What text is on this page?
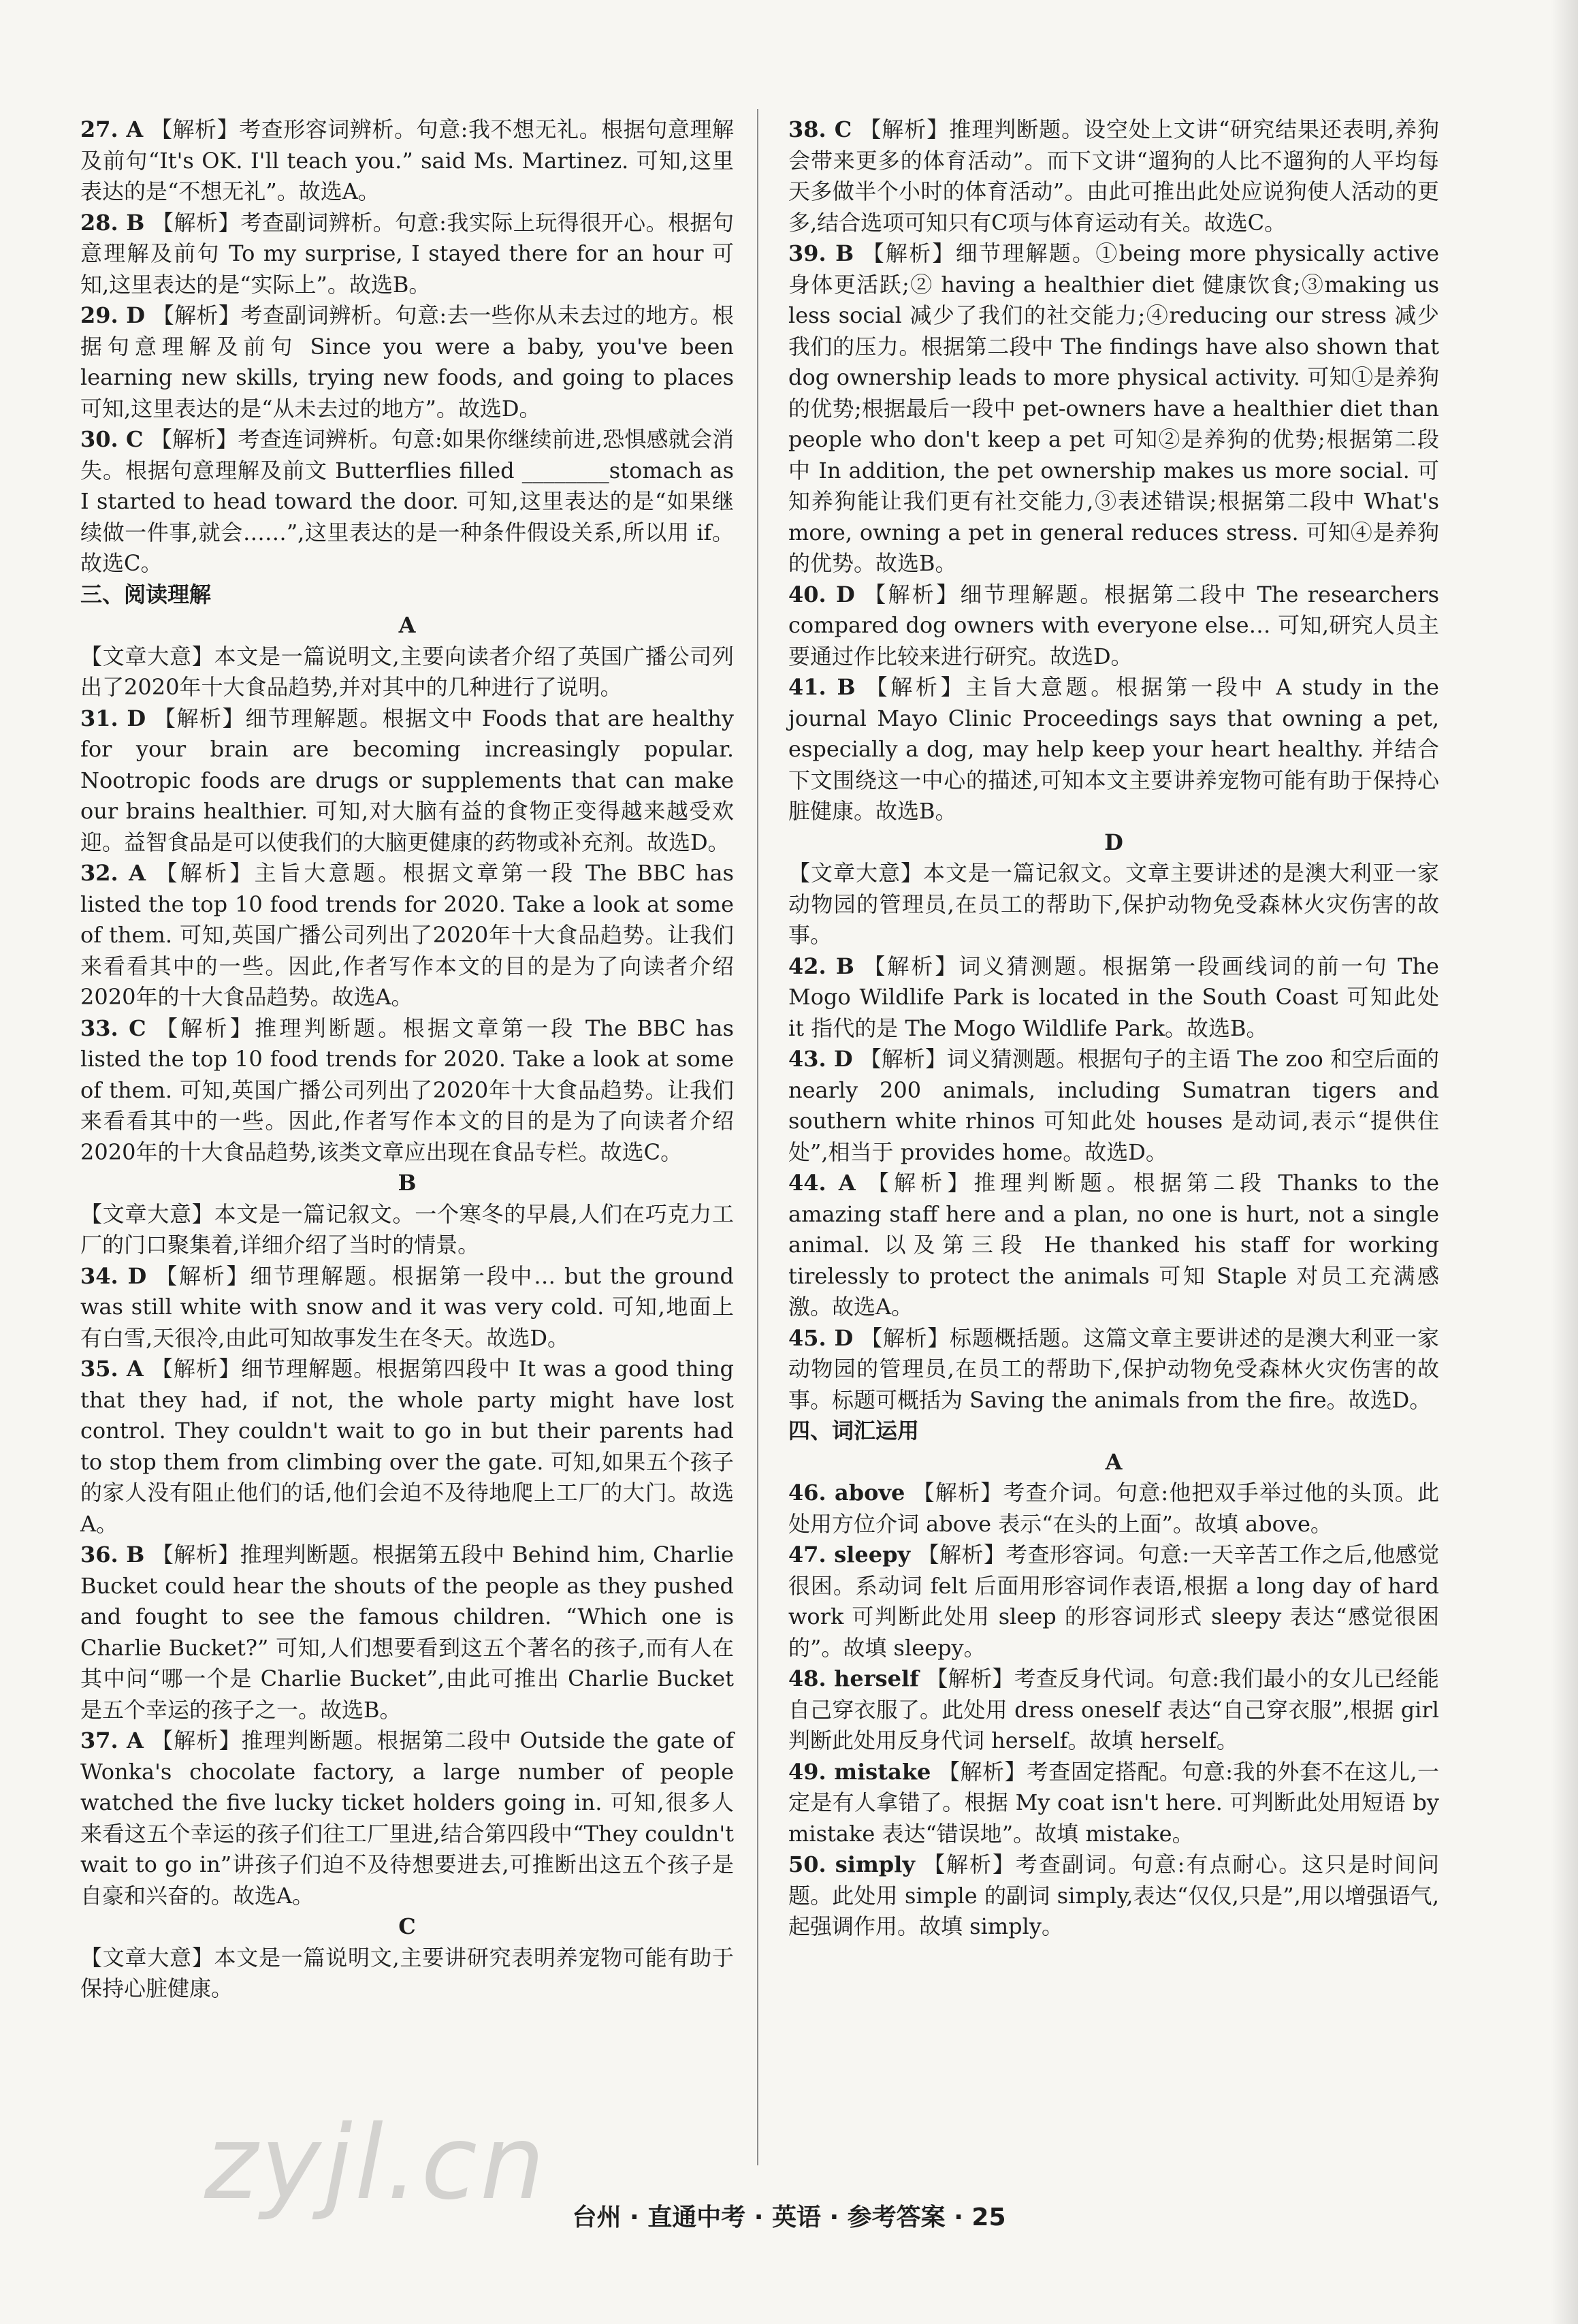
27. A 【解析】考查形容词辨析。句意:我不想无礼。根据句意理解及前句“It's OK. I'll teach you.” said Ms. Martinez. 可知,这里表达的是“不想无礼”。故选A。

28. B 【解析】考查副词辨析。句意:我实际上玩得很开心。根据句意理解及前句 To my surprise, I stayed there for an hour 可知,这里表达的是“实际上”。故选B。

29. D 【解析】考查副词辨析。句意:去一些你从未去过的地方。根据句意理解及前句 Since you were a baby, you've been learning new skills, trying new foods, and going to places 可知,这里表达的是“从未去过的地方”。故选D。

30. C 【解析】考查连词辨析。句意:如果你继续前进,恐惧感就会消失。根据句意理解及前文 Butterflies filled ________stomach as I started to head toward the door. 可知,这里表达的是“如果继续做一件事,就会……”,这里表达的是一种条件假设关系,所以用 if。故选C。

三、阅读理解

A

【文章大意】本文是一篇说明文,主要向读者介绍了英国广播公司列出了2020年十大食品趋势,并对其中的几种进行了说明。

31. D 【解析】细节理解题。根据文中 Foods that are healthy for your brain are becoming increasingly popular. Nootropic foods are drugs or supplements that can make our brains healthier. 可知,对大脑有益的食物正变得越来越受欢迎。益智食品是可以使我们的大脑更健康的药物或补充剂。故选D。

32. A 【解析】主旨大意题。根据文章第一段 The BBC has listed the top 10 food trends for 2020. Take a look at some of them. 可知,英国广播公司列出了2020年十大食品趋势。让我们来看看其中的一些。因此,作者写作本文的目的是为了向读者介绍2020年的十大食品趋势。故选A。

33. C 【解析】推理判断题。根据文章第一段 The BBC has listed the top 10 food trends for 2020. Take a look at some of them. 可知,英国广播公司列出了2020年十大食品趋势。让我们来看看其中的一些。因此,作者写作本文的目的是为了向读者介绍2020年的十大食品趋势,该类文章应出现在食品专栏。故选C。

B

【文章大意】本文是一篇记叙文。一个寒冬的早晨,人们在巧克力工厂的门口聚集着,详细介绍了当时的情景。

34. D 【解析】细节理解题。根据第一段中… but the ground was still white with snow and it was very cold. 可知,地面上有白雪,天很冷,由此可知故事发生在冬天。故选D。

35. A 【解析】细节理解题。根据第四段中 It was a good thing that they had, if not, the whole party might have lost control. They couldn't wait to go in but their parents had to stop them from climbing over the gate. 可知,如果五个孩子的家人没有阻止他们的话,他们会迫不及待地爬上工厂的大门。故选A。

36. B 【解析】推理判断题。根据第五段中 Behind him, Charlie Bucket could hear the shouts of the people as they pushed and fought to see the famous children. “Which one is Charlie Bucket?” 可知,人们想要看到这五个著名的孩子,而有人在其中问“哪一个是 Charlie Bucket”,由此可推出 Charlie Bucket 是五个幸运的孩子之一。故选B。

37. A 【解析】推理判断题。根据第二段中 Outside the gate of Wonka's chocolate factory, a large number of people watched the five lucky ticket holders going in. 可知,很多人来看这五个幸运的孩子们往工厂里进,结合第四段中“They couldn't wait to go in”讲孩子们迫不及待想要进去,可推断出这五个孩子是自豪和兴奋的。故选A。

C

【文章大意】本文是一篇说明文,主要讲研究表明养宠物可能有助于保持心脏健康。

38. C 【解析】推理判断题。设空处上文讲“研究结果还表明,养狗会带来更多的体育活动”。而下文讲“遛狗的人比不遛狗的人平均每天多做半个小时的体育活动”。由此可推出此处应说狗使人活动的更多,结合选项可知只有C项与体育运动有关。故选C。

39. B 【解析】细节理解题。①being more physically active 身体更活跃;② having a healthier diet 健康饮食;③making us less social 减少了我们的社交能力;④reducing our stress 减少我们的压力。根据第二段中 The findings have also shown that dog ownership leads to more physical activity. 可知①是养狗的优势;根据最后一段中 pet-owners have a healthier diet than people who don't keep a pet 可知②是养狗的优势;根据第二段中 In addition, the pet ownership makes us more social. 可知养狗能让我们更有社交能力,③表述错误;根据第二段中 What's more, owning a pet in general reduces stress. 可知④是养狗的优势。故选B。

40. D 【解析】细节理解题。根据第二段中 The researchers compared dog owners with everyone else… 可知,研究人员主要通过作比较来进行研究。故选D。

41. B 【解析】主旨大意题。根据第一段中 A study in the journal Mayo Clinic Proceedings says that owning a pet, especially a dog, may help keep your heart healthy. 并结合下文围绕这一中心的描述,可知本文主要讲养宠物可能有助于保持心脏健康。故选B。

D

【文章大意】本文是一篇记叙文。文章主要讲述的是澳大利亚一家动物园的管理员,在员工的帮助下,保护动物免受森林火灾伤害的故事。

42. B 【解析】词义猜测题。根据第一段画线词的前一句 The Mogo Wildlife Park is located in the South Coast 可知此处 it 指代的是 The Mogo Wildlife Park。故选B。

43. D 【解析】词义猜测题。根据句子的主语 The zoo 和空后面的 nearly 200 animals, including Sumatran tigers and southern white rhinos 可知此处 houses 是动词,表示“提供住处”,相当于 provides home。故选D。

44. A 【解析】推理判断题。根据第二段 Thanks to the amazing staff here and a plan, no one is hurt, not a single animal. 以及第三段 He thanked his staff for working tirelessly to protect the animals 可知 Staple 对员工充满感激。故选A。

45. D 【解析】标题概括题。这篇文章主要讲述的是澳大利亚一家动物园的管理员,在员工的帮助下,保护动物免受森林火灾伤害的故事。标题可概括为 Saving the animals from the fire。故选D。

四、词汇运用

A

46. above 【解析】考查介词。句意:他把双手举过他的头顶。此处用方位介词 above 表示“在头的上面”。故填 above。

47. sleepy 【解析】考查形容词。句意:一天辛苦工作之后,他感觉很困。系动词 felt 后面用形容词作表语,根据 a long day of hard work 可判断此处用 sleep 的形容词形式 sleepy 表达“感觉很困的”。故填 sleepy。

48. herself 【解析】考查反身代词。句意:我们最小的女儿已经能自己穿衣服了。此处用 dress oneself 表达“自己穿衣服”,根据 girl 判断此处用反身代词 herself。故填 herself。

49. mistake 【解析】考查固定搭配。句意:我的外套不在这儿,一定是有人拿错了。根据 My coat isn't here. 可判断此处用短语 by mistake 表达“错误地”。故填 mistake。

50. simply 【解析】考查副词。句意:有点耐心。这只是时间问题。此处用 simple 的副词 simply,表达“仅仅,只是”,用以增强语气,起强调作用。故填 simply。

zyjl.cn	台州 · 直通中考 · 英语 · 参考答案 · 25
